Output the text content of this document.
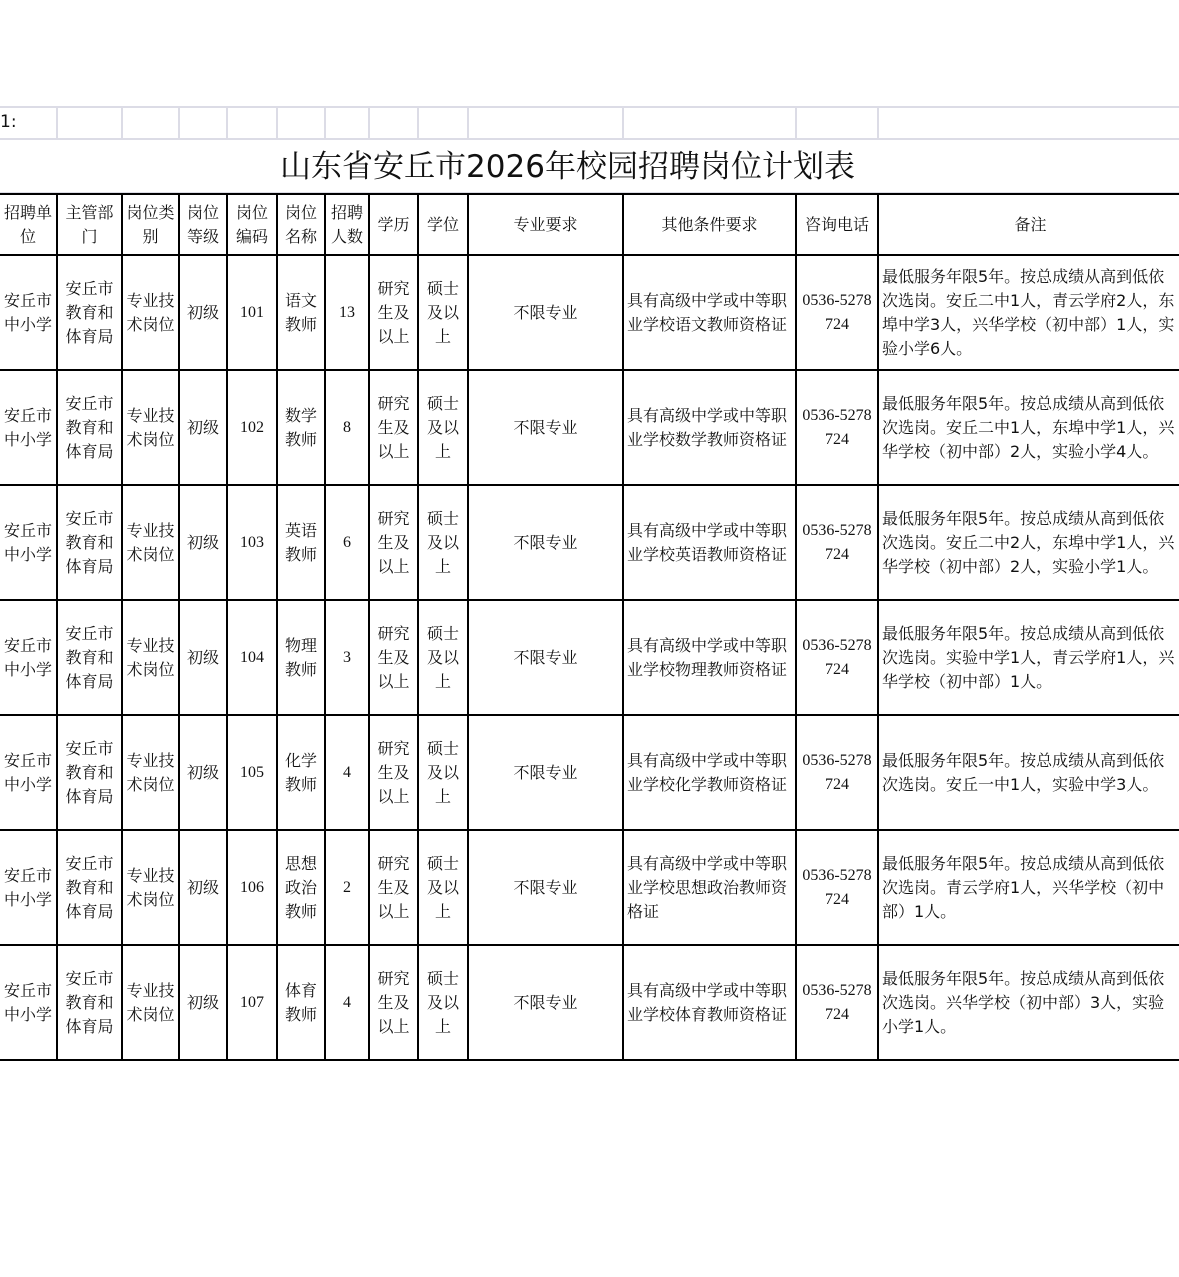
1:
山东省安丘市2026年校园招聘岗位计划表
招聘单位	主管部门	岗位类别	岗位等级	岗位编码	岗位名称	招聘人数	学历	学位	专业要求	其他条件要求	咨询电话	备注
安丘市中小学	安丘市教育和体育局	专业技术岗位	初级	101	语文教师	13	研究生及以上	硕士及以上	不限专业	具有高级中学或中等职业学校语文教师资格证	0536-5278724	最低服务年限5年。按总成绩从高到低依次选岗。安丘二中1人，青云学府2人，东埠中学3人，兴华学校（初中部）1人，实验小学6人。
安丘市中小学	安丘市教育和体育局	专业技术岗位	初级	102	数学教师	8	研究生及以上	硕士及以上	不限专业	具有高级中学或中等职业学校数学教师资格证	0536-5278724	最低服务年限5年。按总成绩从高到低依次选岗。安丘二中1人，东埠中学1人，兴华学校（初中部）2人，实验小学4人。
安丘市中小学	安丘市教育和体育局	专业技术岗位	初级	103	英语教师	6	研究生及以上	硕士及以上	不限专业	具有高级中学或中等职业学校英语教师资格证	0536-5278724	最低服务年限5年。按总成绩从高到低依次选岗。安丘二中2人，东埠中学1人，兴华学校（初中部）2人，实验小学1人。
安丘市中小学	安丘市教育和体育局	专业技术岗位	初级	104	物理教师	3	研究生及以上	硕士及以上	不限专业	具有高级中学或中等职业学校物理教师资格证	0536-5278724	最低服务年限5年。按总成绩从高到低依次选岗。实验中学1人，青云学府1人，兴华学校（初中部）1人。
安丘市中小学	安丘市教育和体育局	专业技术岗位	初级	105	化学教师	4	研究生及以上	硕士及以上	不限专业	具有高级中学或中等职业学校化学教师资格证	0536-5278724	最低服务年限5年。按总成绩从高到低依次选岗。安丘一中1人，实验中学3人。
安丘市中小学	安丘市教育和体育局	专业技术岗位	初级	106	思想政治教师	2	研究生及以上	硕士及以上	不限专业	具有高级中学或中等职业学校思想政治教师资格证	0536-5278724	最低服务年限5年。按总成绩从高到低依次选岗。青云学府1人，兴华学校（初中部）1人。
安丘市中小学	安丘市教育和体育局	专业技术岗位	初级	107	体育教师	4	研究生及以上	硕士及以上	不限专业	具有高级中学或中等职业学校体育教师资格证	0536-5278724	最低服务年限5年。按总成绩从高到低依次选岗。兴华学校（初中部）3人，实验小学1人。
